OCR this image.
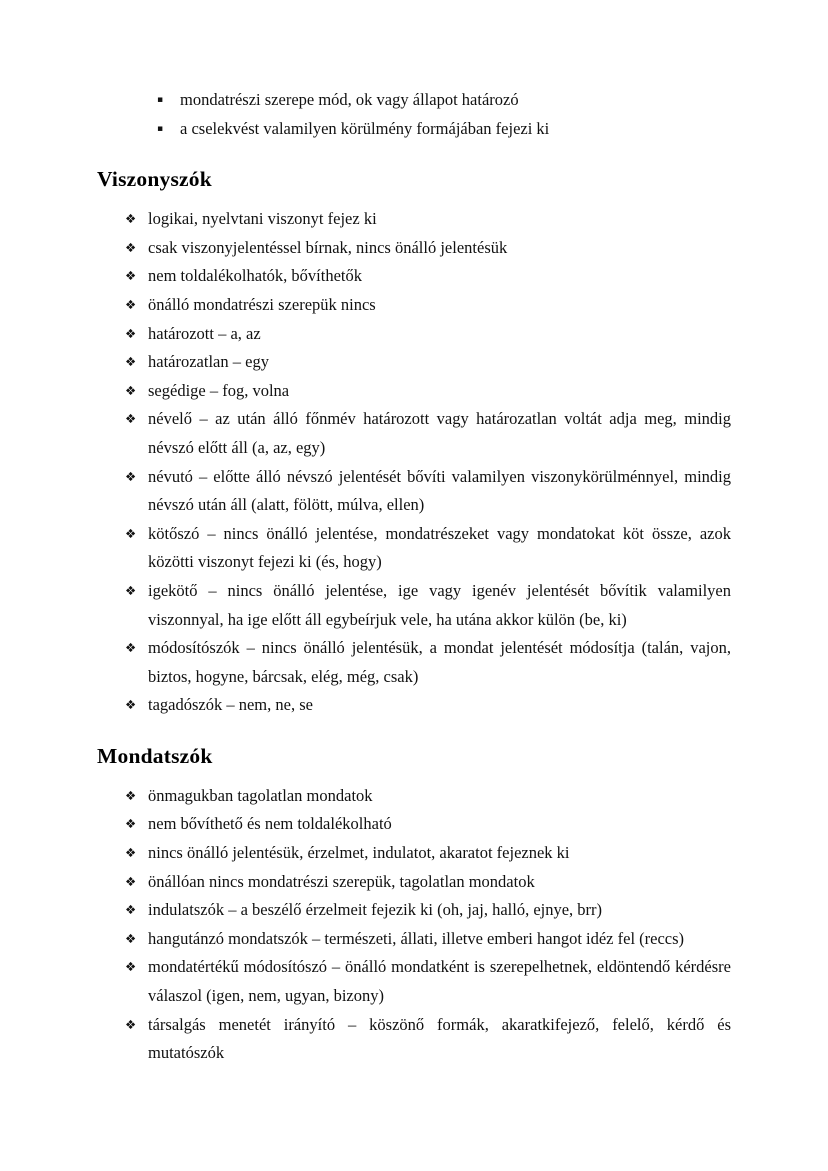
▪	mondatrészi szerepe mód, ok vagy állapot határozó
▪	a cselekvést valamilyen körülmény formájában fejezi ki
Viszonyszók
❖ logikai, nyelvtani viszonyt fejez ki
❖ csak viszonyjelentéssel bírnak, nincs önálló jelentésük
❖ nem toldalékolhatók, bővíthetők
❖ önálló mondatrészi szerepük nincs
❖ határozott – a, az
❖ határozatlan – egy
❖ segédige – fog, volna
❖ névelő – az után álló főnmév határozott vagy határozatlan voltát adja meg, mindig névszó előtt áll (a, az, egy)
❖ névutó – előtte álló névszó jelentését bővíti valamilyen viszonykörülménnyel, mindig névszó után áll (alatt, fölött, múlva, ellen)
❖ kötőszó – nincs önálló jelentése, mondatrészeket vagy mondatokat köt össze, azok közötti viszonyt fejezi ki (és, hogy)
❖ igekötő – nincs önálló jelentése, ige vagy igenév jelentését bővítik valamilyen viszonnyal, ha ige előtt áll egybeírjuk vele, ha utána akkor külön (be, ki)
❖ módosítószók – nincs önálló jelentésük, a mondat jelentését módosítja (talán, vajon, biztos, hogyne, bárcsak, elég, még, csak)
❖ tagadószók – nem, ne, se
Mondatszók
❖ önmagukban tagolatlan mondatok
❖ nem bővíthető és nem toldalékolható
❖ nincs önálló jelentésük, érzelmet, indulatot, akaratot fejeznek ki
❖ önállóan nincs mondatrészi szerepük, tagolatlan mondatok
❖ indulatszók – a beszélő érzelmeit fejezik ki (oh, jaj, halló, ejnye, brr)
❖ hangutánzó mondatszók – természeti, állati, illetve emberi hangot idéz fel (reccs)
❖ mondatértékű módosítószó – önálló mondatként is szerepelhetnek, eldöntendő kérdésre válaszol (igen, nem, ugyan, bizony)
❖ társalgás menetét irányító – köszönő formák, akaratkifejező, felelő, kérdő és mutatószók
